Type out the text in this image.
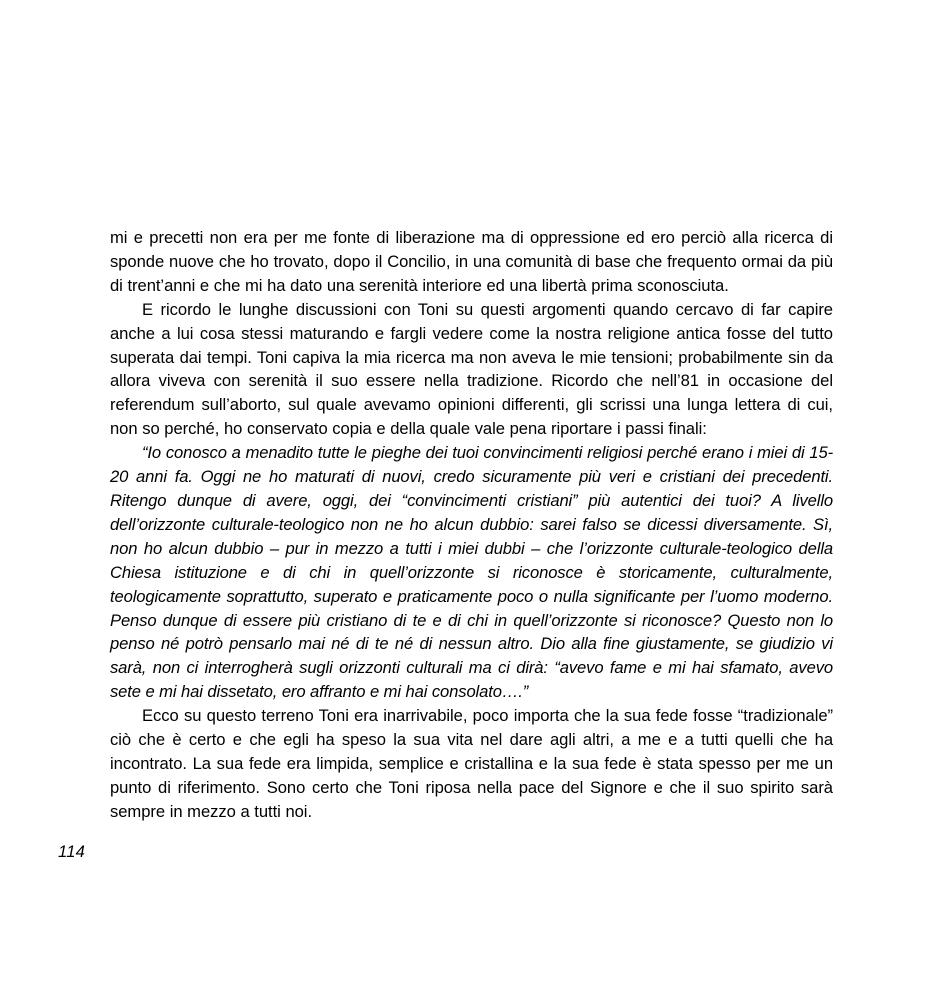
mi e precetti non era per me fonte di liberazione ma di oppressione ed ero perciò alla ricerca di sponde nuove che ho trovato, dopo il Concilio, in una comunità di base che frequento ormai da più di trent’anni e che mi ha dato una serenità interiore ed una libertà prima sconosciuta.

E ricordo le lunghe discussioni con Toni su questi argomenti quando cercavo di far capire anche a lui cosa stessi maturando e fargli vedere come la nostra religione antica fosse del tutto superata dai tempi. Toni capiva la mia ricerca ma non aveva le mie tensioni; probabilmente sin da allora viveva con serenità il suo essere nella tradizione. Ricordo che nell’81 in occasione del referendum sull’aborto, sul quale avevamo opinioni differenti, gli scrissi una lunga lettera di cui, non so perché, ho conservato copia e della quale vale pena riportare i passi finali:

“Io conosco a menadito tutte le pieghe dei tuoi convincimenti religiosi perché erano i miei di 15-20 anni fa. Oggi ne ho maturati di nuovi, credo sicuramente più veri e cristiani dei precedenti. Ritengo dunque di avere, oggi, dei “convincimenti cristiani” più autentici dei tuoi? A livello dell’orizzonte culturale-teologico non ne ho alcun dubbio: sarei falso se dicessi diversamente. Sì, non ho alcun dubbio – pur in mezzo a tutti i miei dubbi – che l’orizzonte culturale-teologico della Chiesa istituzione e di chi in quell’orizzonte si riconosce è storicamente, culturalmente, teologicamente soprattutto, superato e praticamente poco o nulla significante per l’uomo moderno. Penso dunque di essere più cristiano di te e di chi in quell’orizzonte si riconosce? Questo non lo penso né potrò pensarlo mai né di te né di nessun altro. Dio alla fine giustamente, se giudizio vi sarà, non ci interrogherà sugli orizzonti culturali ma ci dirà: “avevo fame e mi hai sfamato, avevo sete e mi hai dissetato, ero affranto e mi hai consolato….”

Ecco su questo terreno Toni era inarrivabile, poco importa che la sua fede fosse “tradizionale” ciò che è certo e che egli ha speso la sua vita nel dare agli altri, a me e a tutti quelli che ha incontrato. La sua fede era limpida, semplice e cristallina e la sua fede è stata spesso per me un punto di riferimento. Sono certo che Toni riposa nella pace del Signore e che il suo spirito sarà sempre in mezzo a tutti noi.

114
